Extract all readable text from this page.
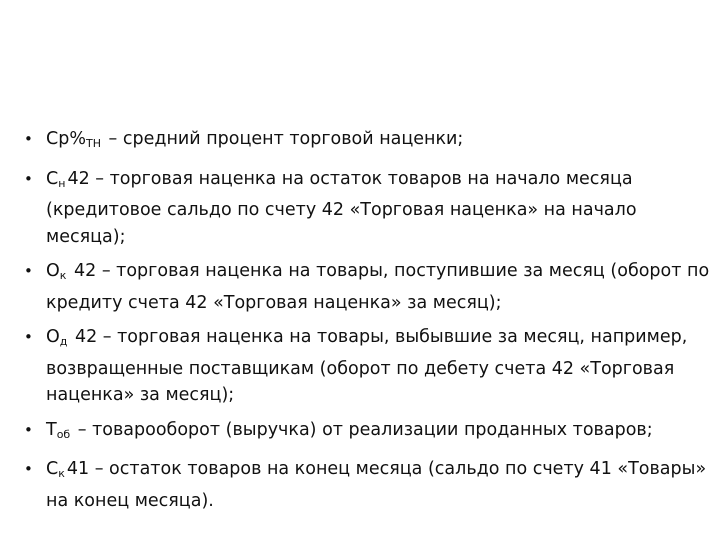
• $Ср\%_{ТН}$ – средний процент торговой наценки;
• $С_н$ 42 – торговая наценка на остаток товаров на начало месяца (кредитовое сальдо по счету 42 «Торговая наценка» на начало месяца);
• $О_к$ 42 – торговая наценка на товары, поступившие за месяц (оборот по кредиту счета 42 «Торговая наценка» за месяц);
• $О_д$ 42 – торговая наценка на товары, выбывшие за месяц, например, возвращенные поставщикам (оборот по дебету счета 42 «Торговая наценка» за месяц);
• $Т_{об}$ – товарооборот (выручка) от реализации проданных товаров;
• $С_к$ 41 – остаток товаров на конец месяца (сальдо по счету 41 «Товары» на конец месяца).
